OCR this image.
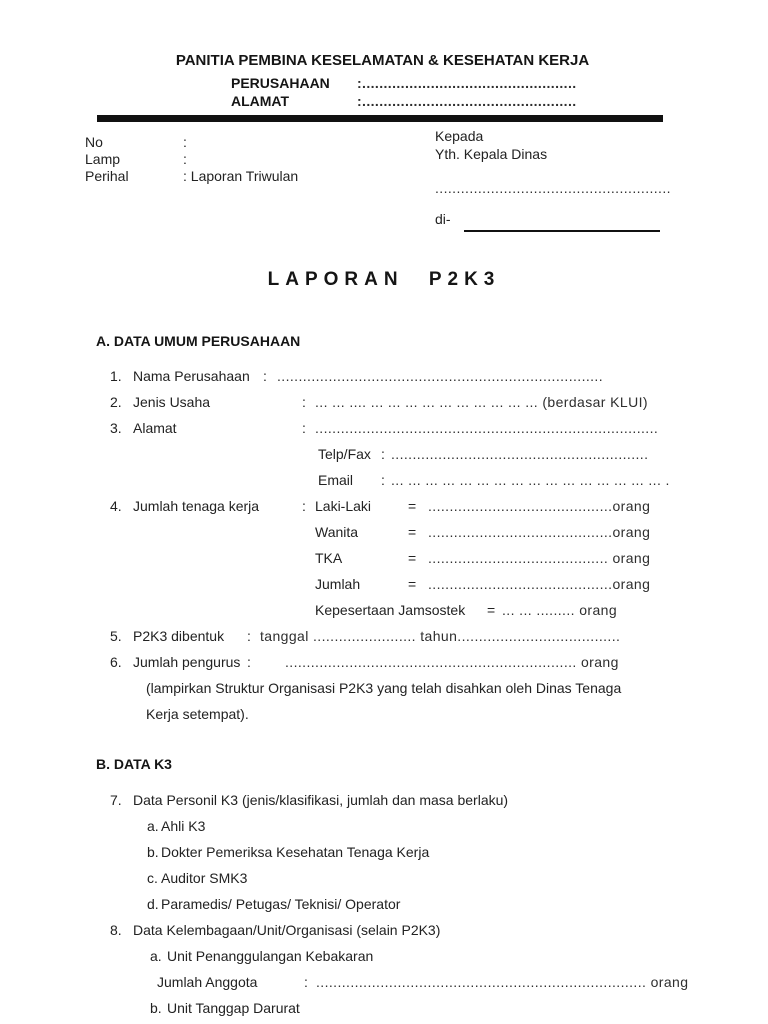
PANITIA PEMBINA KESELAMATAN & KESEHATAN KERJA
PERUSAHAAN :..................................................
ALAMAT	:..................................................
No	:
Lamp	:
Perihal	: Laporan Triwulan
Kepada
Yth. Kepala Dinas
.......................................................
di-
LAPORAN P2K3
A. DATA UMUM PERUSAHAAN
1. Nama Perusahaan : ............................................................................
2. Jenis Usaha	: ... ... .... ... ... ... ... ... ... ... ... ... ... (berdasar KLUI)
3. Alamat	: ................................................................................
Telp/Fax : ............................................................
Email : ... ... ... ... ... ... ... ... ... ... ... ... ... ... ... ... .
4. Jumlah tenaga kerja	: Laki-Laki	= ...........................................orang
Wanita	= ...........................................orang
TKA	= .......................................... orang
Jumlah	= ...........................................orang
Kepesertaan Jamsostek = ... ... ......... orang
5. P2K3 dibentuk : tanggal ........................ tahun......................................
6. Jumlah pengurus : .................................................................... orang
(lampirkan Struktur Organisasi P2K3 yang telah disahkan oleh Dinas Tenaga
Kerja setempat).
B. DATA K3
7. Data Personil K3 (jenis/klasifikasi, jumlah dan masa berlaku)
a. Ahli K3
b. Dokter Pemeriksa Kesehatan Tenaga Kerja
c. Auditor SMK3
d. Paramedis/ Petugas/ Teknisi/ Operator
8. Data Kelembagaan/Unit/Organisasi (selain P2K3)
a. Unit Penanggulangan Kebakaran
Jumlah Anggota	: ............................................................................. orang
b. Unit Tanggap Darurat
